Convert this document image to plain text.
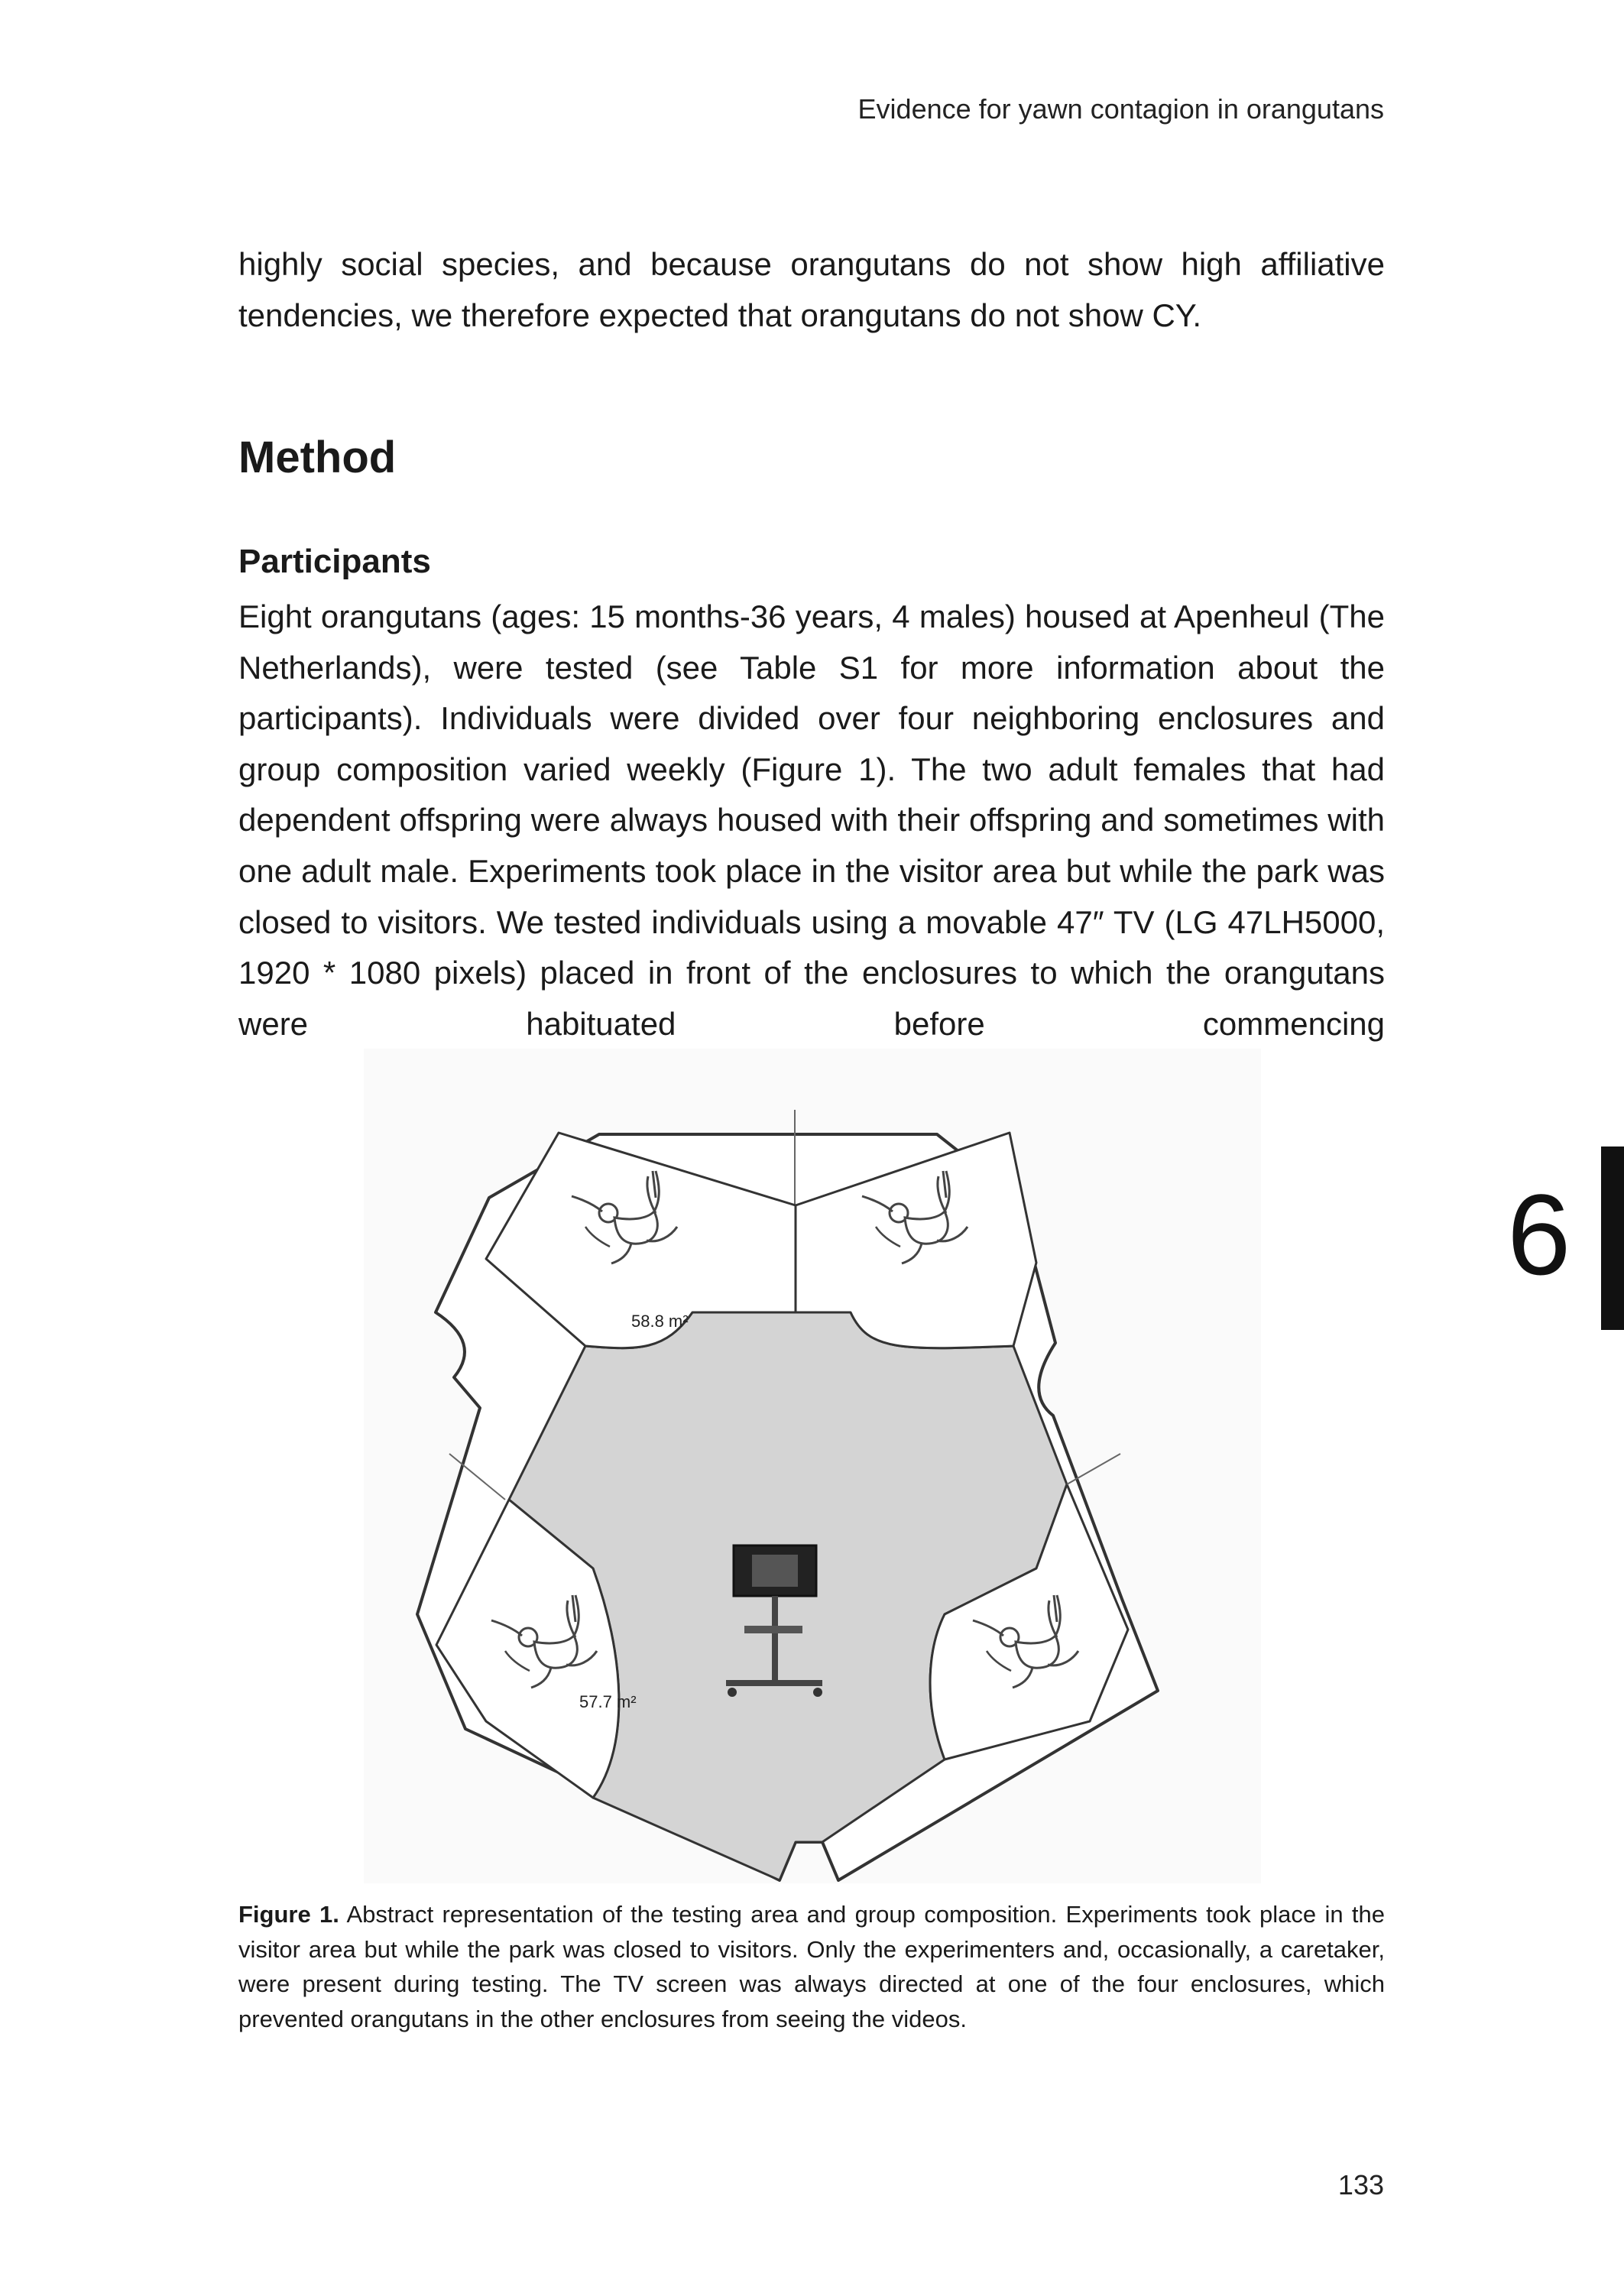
Evidence for yawn contagion in orangutans

highly social species, and because orangutans do not show high affiliative tendencies, we therefore expected that orangutans do not show CY.

Method
Participants

Eight orangutans (ages: 15 months-36 years, 4 males) housed at Apenheul (The Netherlands), were tested (see Table S1 for more information about the participants). Individuals were divided over four neighboring enclosures and group composition varied weekly (Figure 1). The two adult females that had dependent offspring were always housed with their offspring and sometimes with one adult male. Experiments took place in the visitor area but while the park was closed to visitors. We tested individuals using a movable 47″ TV (LG 47LH5000, 1920 * 1080 pixels) placed in front of the enclosures to which the orangutans were habituated before commencing

58.8 m²
57.7 m²

Figure 1. Abstract representation of the testing area and group composition. Experiments took place in the visitor area but while the park was closed to visitors. Only the experimenters and, occasionally, a caretaker, were present during testing. The TV screen was always directed at one of the four enclosures, which prevented orangutans in the other enclosures from seeing the videos.

6
133
